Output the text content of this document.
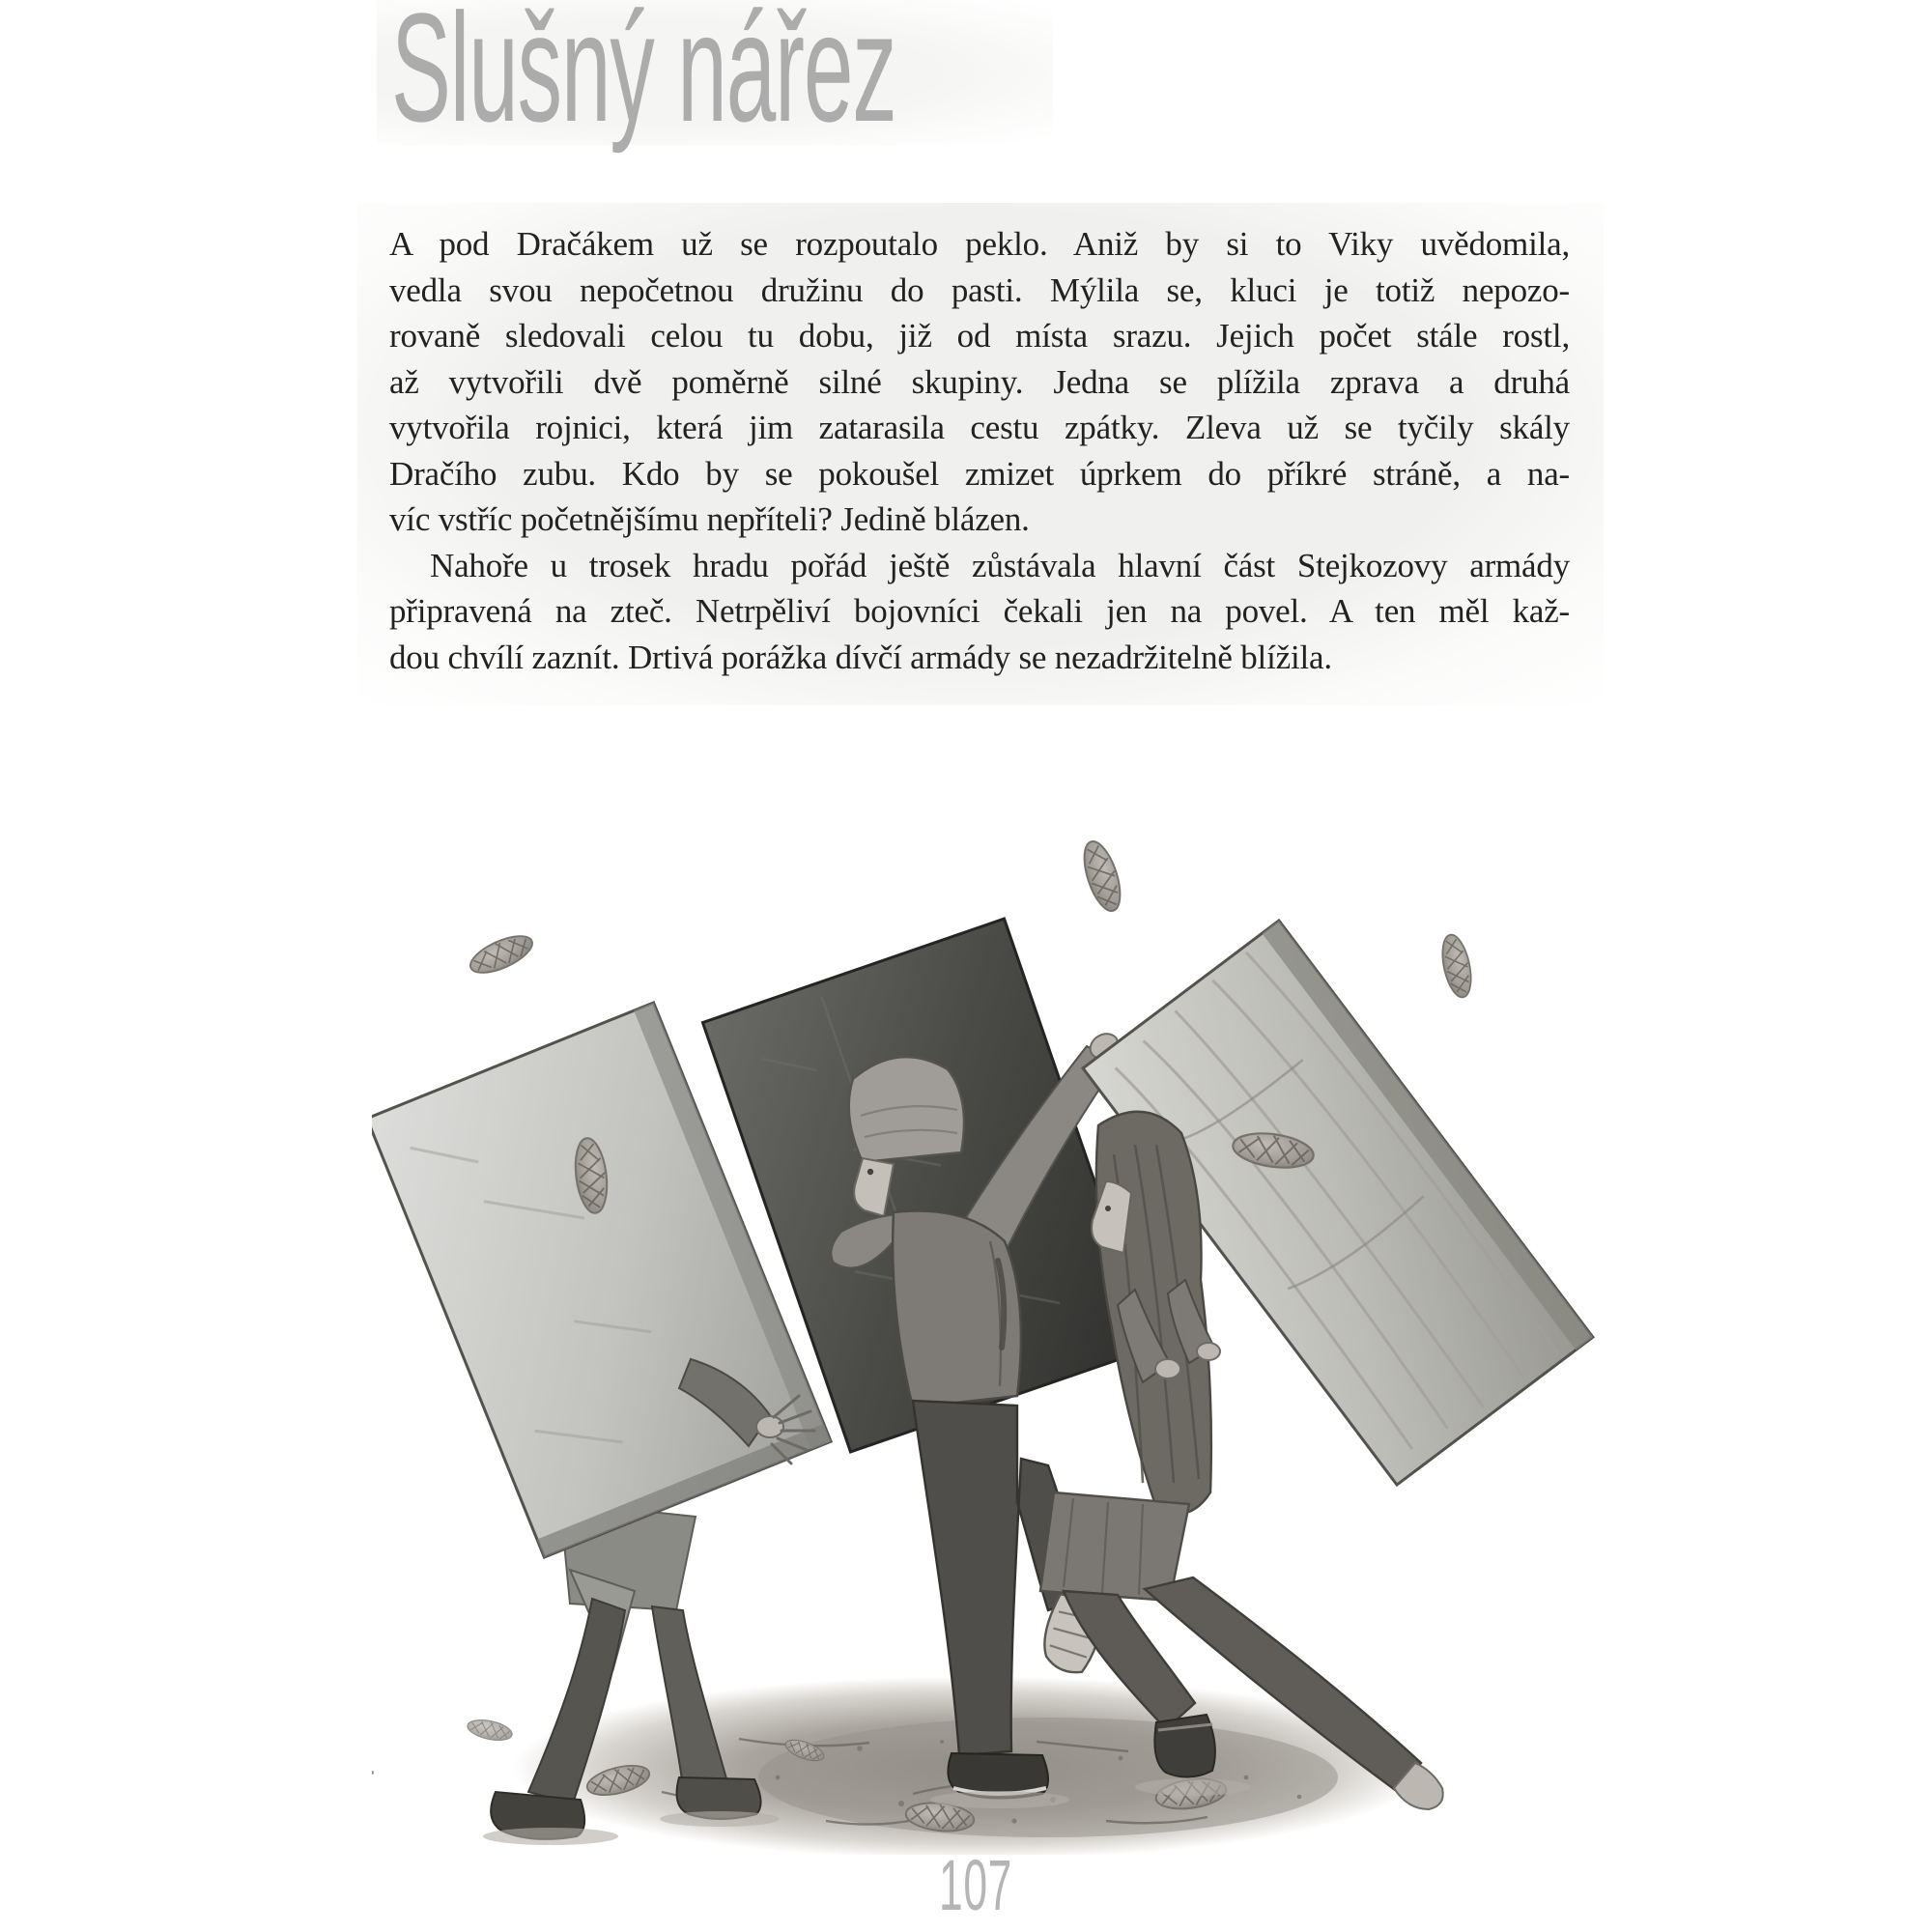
Slušný nářez
A pod Dračákem už se rozpoutalo peklo. Aniž by si to Viky uvědomila,
vedla svou nepočetnou družinu do pasti. Mýlila se, kluci je totiž nepozo-
rovaně sledovali celou tu dobu, již od místa srazu. Jejich počet stále rostl,
až vytvořili dvě poměrně silné skupiny. Jedna se plížila zprava a druhá
vytvořila rojnici, která jim zatarasila cestu zpátky. Zleva už se tyčily skály
Dračího zubu. Kdo by se pokoušel zmizet úprkem do příkré stráně, a na-
víc vstříc početnějšímu nepříteli? Jedině blázen.
Nahoře u trosek hradu pořád ještě zůstávala hlavní část Stejkozovy armády
připravená na zteč. Netrpěliví bojovníci čekali jen na povel. A ten měl kaž-
dou chvílí zaznít. Drtivá porážka dívčí armády se nezadržitelně blížila.
107
